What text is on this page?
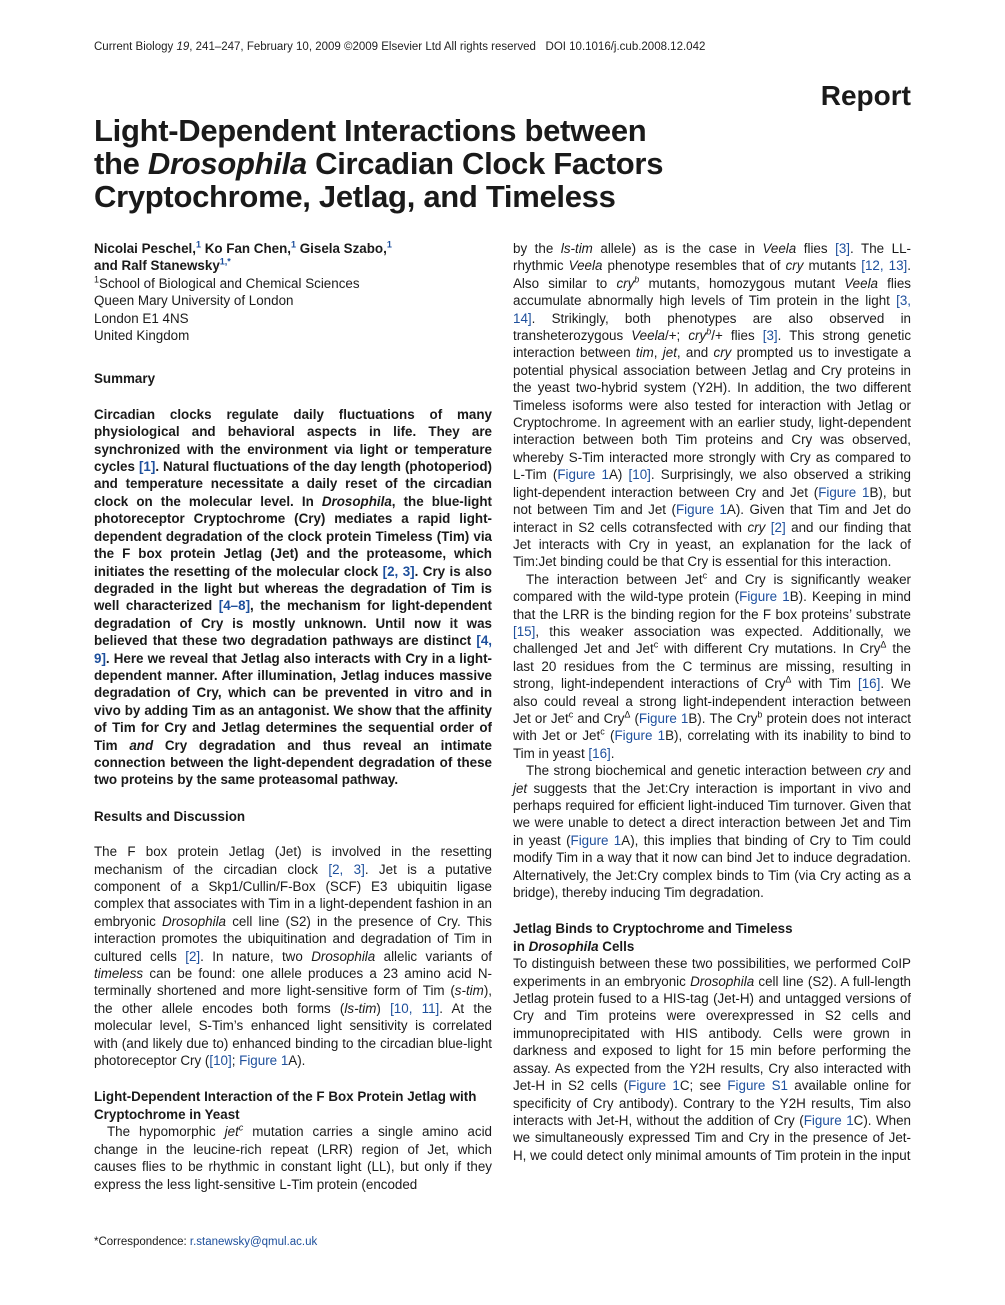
Current Biology 19, 241–247, February 10, 2009 ©2009 Elsevier Ltd All rights reserved DOI 10.1016/j.cub.2008.12.042
Report
Light-Dependent Interactions between
the Drosophila Circadian Clock Factors
Cryptochrome, Jetlag, and Timeless

Nicolai Peschel,$^1$ Ko Fan Chen,$^1$ Gisela Szabo,$^1$
and Ralf Stanewsky$^{1,*}$

$^1$School of Biological and Chemical Sciences
Queen Mary University of London
London E1 4NS
United Kingdom

Summary

Circadian clocks regulate daily fluctuations of many physiological and behavioral aspects in life. They are synchronized with the environment via light or temperature cycles [1]. Natural fluctuations of the day length (photoperiod) and temperature necessitate a daily reset of the circadian clock on the molecular level. In Drosophila, the blue-light photoreceptor Cryptochrome (Cry) mediates a rapid light-dependent degradation of the clock protein Timeless (Tim) via the F box protein Jetlag (Jet) and the proteasome, which initiates the resetting of the molecular clock [2, 3]. Cry is also degraded in the light but whereas the degradation of Tim is well characterized [4–8], the mechanism for light-dependent degradation of Cry is mostly unknown. Until now it was believed that these two degradation pathways are distinct [4, 9]. Here we reveal that Jetlag also interacts with Cry in a light-dependent manner. After illumination, Jetlag induces massive degradation of Cry, which can be prevented in vitro and in vivo by adding Tim as an antagonist. We show that the affinity of Tim for Cry and Jetlag determines the sequential order of Tim and Cry degradation and thus reveal an intimate connection between the light-dependent degradation of these two proteins by the same proteasomal pathway.

Results and Discussion

The F box protein Jetlag (Jet) is involved in the resetting mechanism of the circadian clock [2, 3]. Jet is a putative component of a Skp1/Cullin/F-Box (SCF) E3 ubiquitin ligase complex that associates with Tim in a light-dependent fashion in an embryonic Drosophila cell line (S2) in the presence of Cry. This interaction promotes the ubiquitination and degradation of Tim in cultured cells [2]. In nature, two Drosophila allelic variants of timeless can be found: one allele produces a 23 amino acid N-terminally shortened and more light-sensitive form of Tim (s-tim), the other allele encodes both forms (ls-tim) [10, 11]. At the molecular level, S-Tim’s enhanced light sensitivity is correlated with (and likely due to) enhanced binding to the circadian blue-light photoreceptor Cry ([10]; Figure 1A).

Light-Dependent Interaction of the F Box Protein Jetlag with Cryptochrome in Yeast

The hypomorphic jet$^c$ mutation carries a single amino acid change in the leucine-rich repeat (LRR) region of Jet, which causes flies to be rhythmic in constant light (LL), but only if they express the less light-sensitive L-Tim protein (encoded

by the ls-tim allele) as is the case in Veela flies [3]. The LL-rhythmic Veela phenotype resembles that of cry mutants [12, 13]. Also similar to cry$^b$ mutants, homozygous mutant Veela flies accumulate abnormally high levels of Tim protein in the light [3, 14]. Strikingly, both phenotypes are also observed in transheterozygous Veela/+; cry$^b$/+ flies [3]. This strong genetic interaction between tim, jet, and cry prompted us to investigate a potential physical association between Jetlag and Cry proteins in the yeast two-hybrid system (Y2H). In addition, the two different Timeless isoforms were also tested for interaction with Jetlag or Cryptochrome. In agreement with an earlier study, light-dependent interaction between both Tim proteins and Cry was observed, whereby S-Tim interacted more strongly with Cry as compared to L-Tim (Figure 1A) [10]. Surprisingly, we also observed a striking light-dependent interaction between Cry and Jet (Figure 1B), but not between Tim and Jet (Figure 1A). Given that Tim and Jet do interact in S2 cells cotransfected with cry [2] and our finding that Jet interacts with Cry in yeast, an explanation for the lack of Tim:Jet binding could be that Cry is essential for this interaction.

The interaction between Jet$^c$ and Cry is significantly weaker compared with the wild-type protein (Figure 1B). Keeping in mind that the LRR is the binding region for the F box proteins’ substrate [15], this weaker association was expected. Additionally, we challenged Jet and Jet$^c$ with different Cry mutations. In Cry$^\Delta$ the last 20 residues from the C terminus are missing, resulting in strong, light-independent interactions of Cry$^\Delta$ with Tim [16]. We also could reveal a strong light-independent interaction between Jet or Jet$^c$ and Cry$^\Delta$ (Figure 1B). The Cry$^b$ protein does not interact with Jet or Jet$^c$ (Figure 1B), correlating with its inability to bind to Tim in yeast [16].

The strong biochemical and genetic interaction between cry and jet suggests that the Jet:Cry interaction is important in vivo and perhaps required for efficient light-induced Tim turnover. Given that we were unable to detect a direct interaction between Jet and Tim in yeast (Figure 1A), this implies that binding of Cry to Tim could modify Tim in a way that it now can bind Jet to induce degradation. Alternatively, the Jet:Cry complex binds to Tim (via Cry acting as a bridge), thereby inducing Tim degradation.

Jetlag Binds to Cryptochrome and Timeless
in Drosophila Cells

To distinguish between these two possibilities, we performed CoIP experiments in an embryonic Drosophila cell line (S2). A full-length Jetlag protein fused to a HIS-tag (Jet-H) and untagged versions of Cry and Tim proteins were overexpressed in S2 cells and immunoprecipitated with HIS antibody. Cells were grown in darkness and exposed to light for 15 min before performing the assay. As expected from the Y2H results, Cry also interacted with Jet-H in S2 cells (Figure 1C; see Figure S1 available online for specificity of Cry antibody). Contrary to the Y2H results, Tim also interacts with Jet-H, without the addition of Cry (Figure 1C). When we simultaneously expressed Tim and Cry in the presence of Jet-H, we could detect only minimal amounts of Tim protein in the input

*Correspondence: r.stanewsky@qmul.ac.uk
